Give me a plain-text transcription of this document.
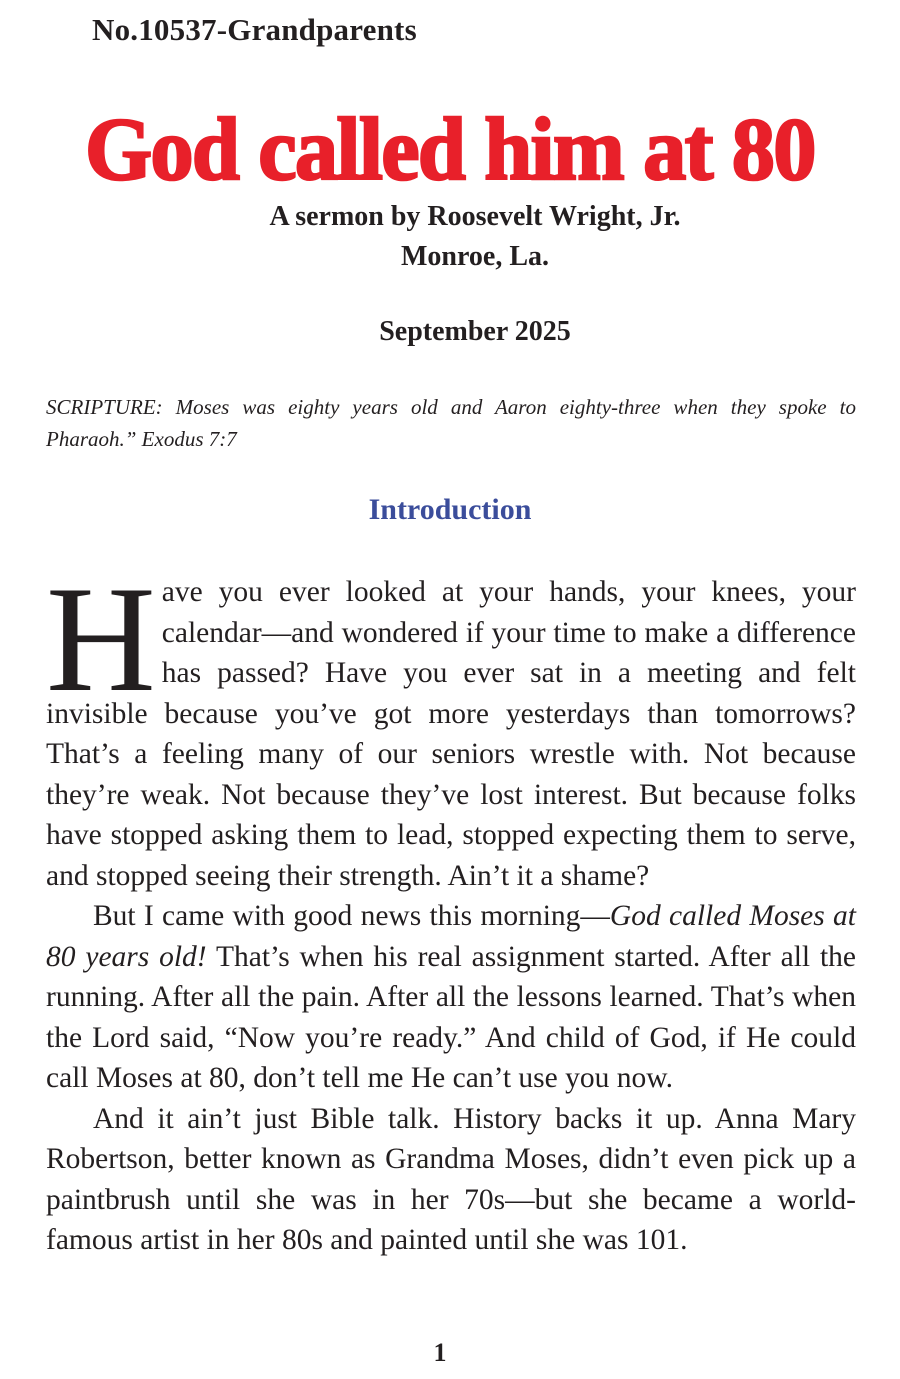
No.10537-Grandparents
God called him at 80
A sermon by Roosevelt Wright, Jr.
Monroe, La.
September 2025
SCRIPTURE: Moses was eighty years old and Aaron eighty-three when they spoke to Pharaoh.” Exodus 7:7
Introduction

Have you ever looked at your hands, your knees, your calendar—and wondered if your time to make a difference has passed? Have you ever sat in a meeting and felt invisible because you’ve got more yesterdays than tomorrows? That’s a feeling many of our seniors wrestle with. Not because they’re weak. Not because they’ve lost interest. But because folks have stopped asking them to lead, stopped expecting them to serve, and stopped seeing their strength. Ain’t it a shame?

But I came with good news this morning—God called Moses at 80 years old! That’s when his real assignment started. After all the running. After all the pain. After all the lessons learned. That’s when the Lord said, “Now you’re ready.” And child of God, if He could call Moses at 80, don’t tell me He can’t use you now.

And it ain’t just Bible talk. History backs it up. Anna Mary Robertson, better known as Grandma Moses, didn’t even pick up a paintbrush until she was in her 70s—but she became a world-famous artist in her 80s and painted until she was 101.

1
